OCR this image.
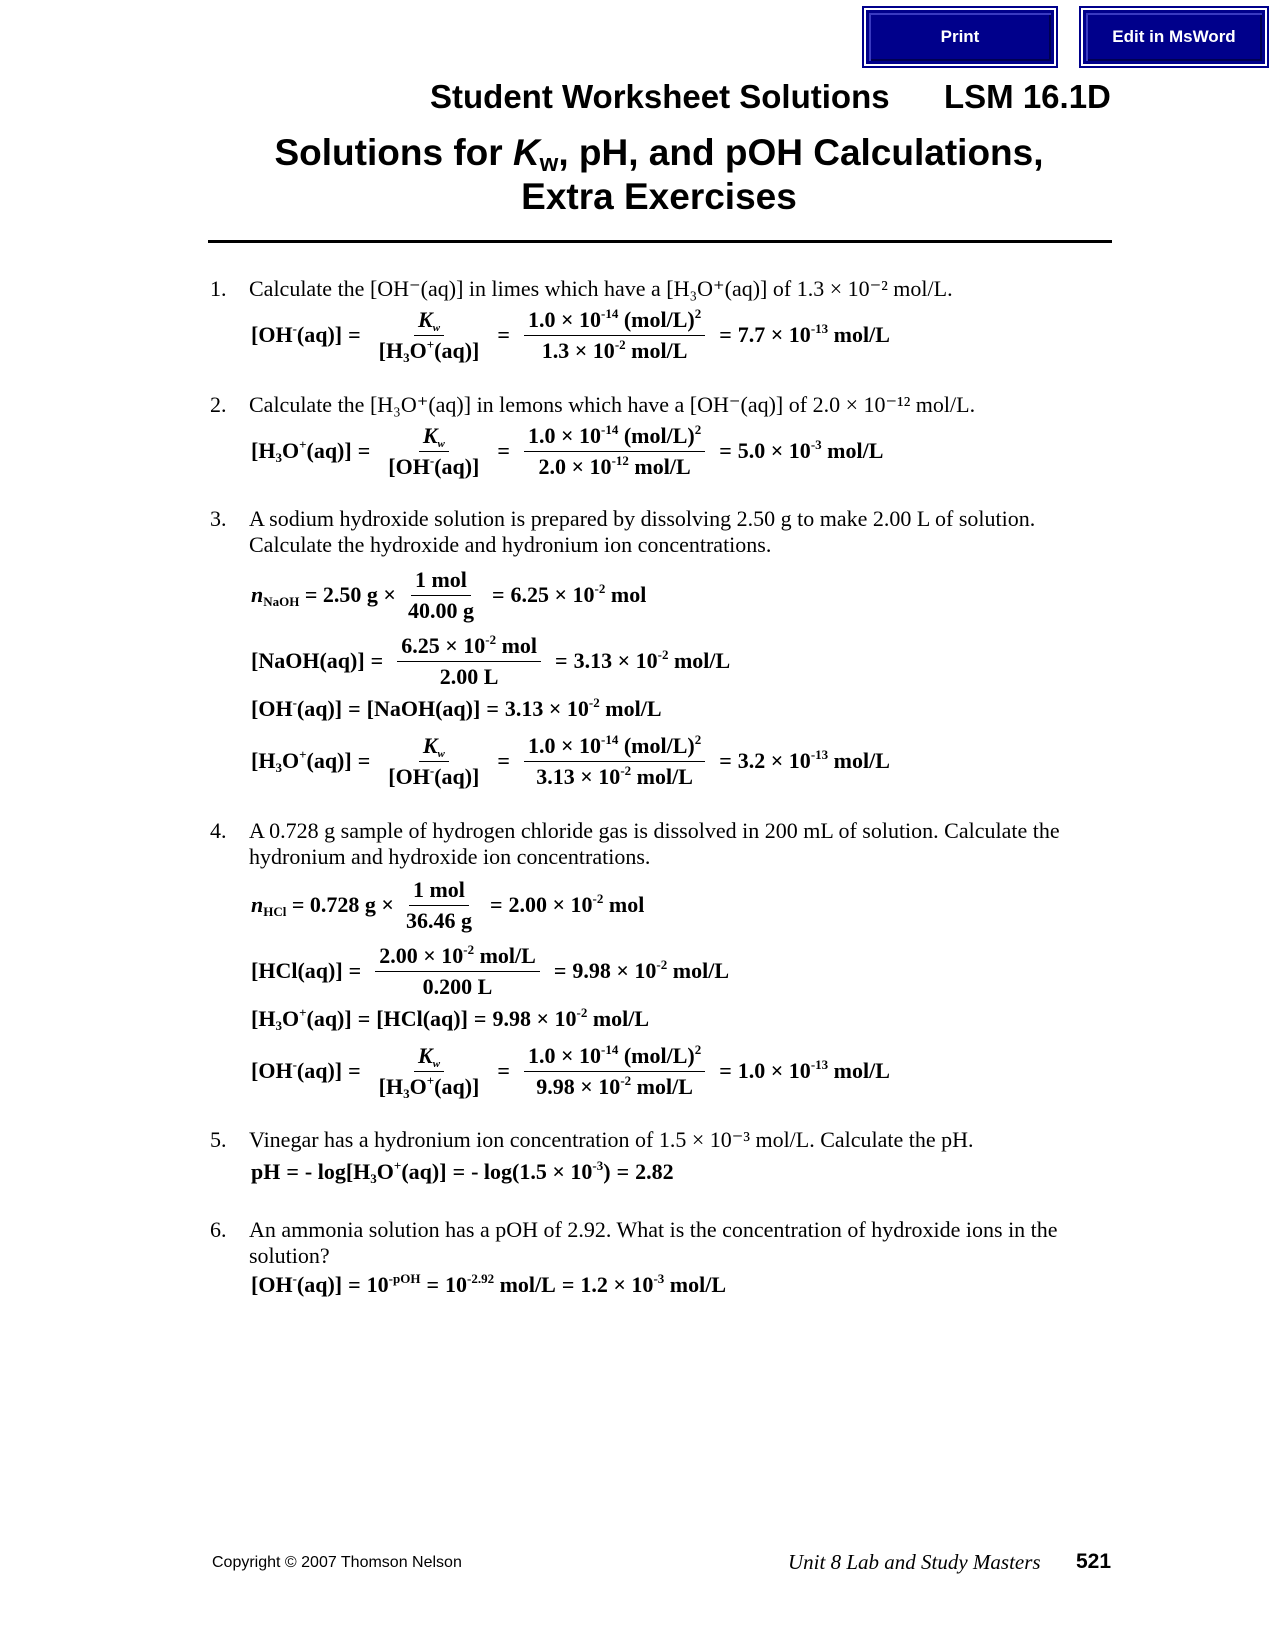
Print	Edit in MsWord
Student Worksheet Solutions LSM 16.1D
Solutions for $K_w$, pH, and pOH Calculations,
Extra Exercises
1. Calculate the [OH⁻(aq)] in limes which have a [H₃O⁺(aq)] of 1.3 × 10⁻² mol/L.
$[OH^-(aq)] = \frac{K_w}{[H_3O^+(aq)]} = \frac{1.0 \times 10^{-14} (mol/L)^2}{1.3 \times 10^{-2} mol/L} = 7.7 \times 10^{-13}$ mol/L
2. Calculate the [H₃O⁺(aq)] in lemons which have a [OH⁻(aq)] of 2.0 × 10⁻¹² mol/L.
$[H_3O^+(aq)] = \frac{K_w}{[OH^-(aq)]} = \frac{1.0 \times 10^{-14} (mol/L)^2}{2.0 \times 10^{-12} mol/L} = 5.0 \times 10^{-3}$ mol/L
3. A sodium hydroxide solution is prepared by dissolving 2.50 g to make 2.00 L of solution. Calculate the hydroxide and hydronium ion concentrations.
$n_{NaOH} = 2.50$ $g \times \frac{\text{1 mol}}{40.00 g} = 6.25 \times 10^{-2}$ mol
[NaOH(aq)] = $\frac{6.25 \times 10^{-2} mol}{2.00 L} = 3.13 \times 10^{-2}$ mol/L
[OH-(aq)] = [NaOH(aq)] = $3.13 \times 10^{-2}$ mol/L
$[H_3O^+(aq)] = \frac{K_w}{[OH^-(aq)]} = \frac{1.0 \times 10^{-14} (mol/L)^2}{3.13 \times 10^{-2} mol/L} = 3.2 \times 10^{-13}$ mol/L
4. A 0.728 g sample of hydrogen chloride gas is dissolved in 200 mL of solution. Calculate the hydronium and hydroxide ion concentrations.
$n_{HCl} = 0.728$ $g \times \frac{\text{1 mol}}{36.46 g} = 2.00 \times 10^{-2}$ mol
$[HCl(aq)] = \frac{2.00 \times 10^{-2} mol/L}{0.200 L} = 9.98 \times 10^{-2}$ mol/L
$[H_3O^+(aq)] = [HCl(aq)] = 9.98 \times 10^{-2}$ mol/L
$[OH^-(aq)] = \frac{K_w}{[H_3O^+(aq)]} = \frac{1.0 \times 10^{-14} (mol/L)^2}{9.98 \times 10^{-2} mol/L} = 1.0 \times 10^{-13}$ mol/L
5. Vinegar has a hydronium ion concentration of 1.5 × 10⁻³ mol/L. Calculate the pH.
pH = - $\log[H_3O^+(aq)]$ = - $\log(1.5 \times 10^{-3}) = 2.82$
6. An ammonia solution has a pOH of 2.92. What is the concentration of hydroxide ions in the solution?
$[OH^-(aq)] = 10^{-pOH} = 10^{-2.92}$ $mol/L = 1.2 \times 10^{-3}$ mol/L
Copyright © 2007 Thomson Nelson	Unit 8 Lab and Study Masters 521
